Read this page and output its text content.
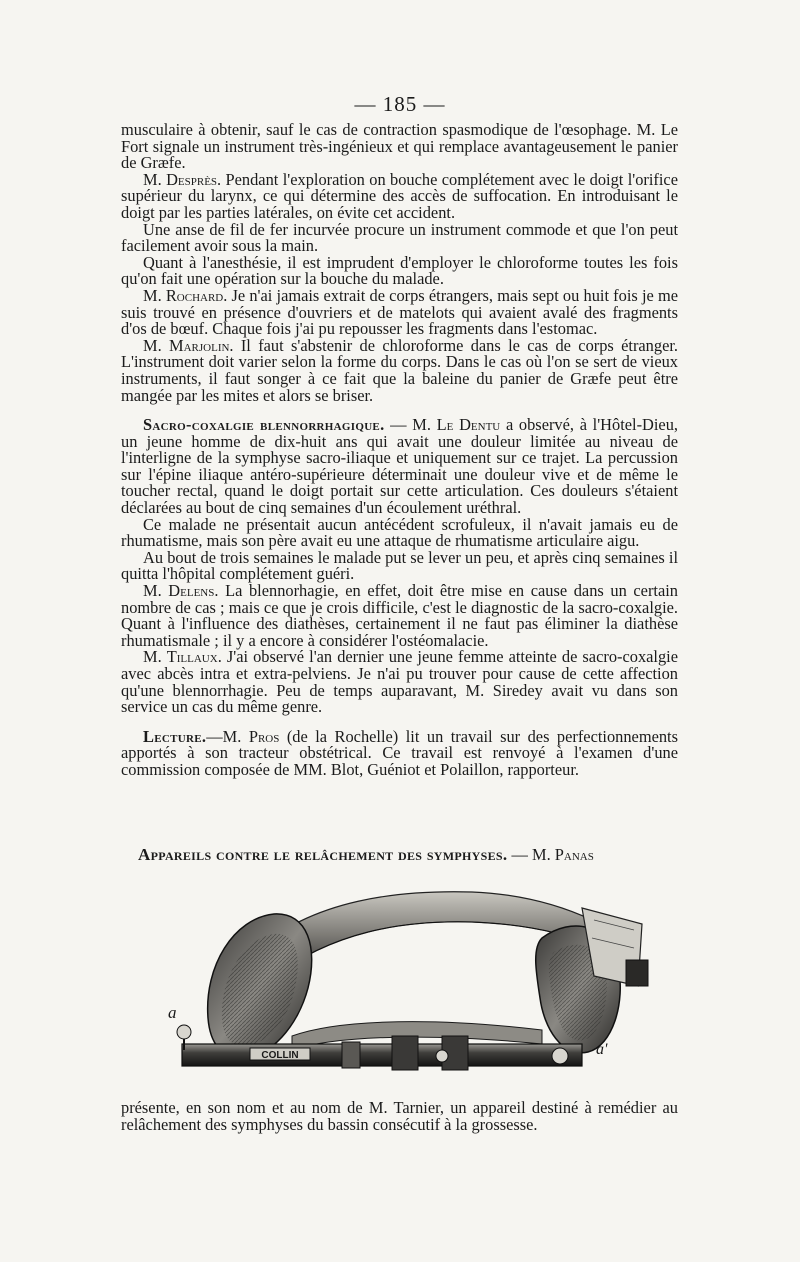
— 185 —

musculaire à obtenir, sauf le cas de contraction spasmodique de l'œsophage. M. Le Fort signale un instrument très-ingénieux et qui remplace avantageusement le panier de Græfe.

M. Desprès. Pendant l'exploration on bouche complétement avec le doigt l'orifice supérieur du larynx, ce qui détermine des accès de suffocation. En introduisant le doigt par les parties latérales, on évite cet accident.

Une anse de fil de fer incurvée procure un instrument commode et que l'on peut facilement avoir sous la main.

Quant à l'anesthésie, il est imprudent d'employer le chloroforme toutes les fois qu'on fait une opération sur la bouche du malade.

M. Rochard. Je n'ai jamais extrait de corps étrangers, mais sept ou huit fois je me suis trouvé en présence d'ouvriers et de matelots qui avaient avalé des fragments d'os de bœuf. Chaque fois j'ai pu repousser les fragments dans l'estomac.

M. Marjolin. Il faut s'abstenir de chloroforme dans le cas de corps étranger. L'instrument doit varier selon la forme du corps. Dans le cas où l'on se sert de vieux instruments, il faut songer à ce fait que la baleine du panier de Græfe peut être mangée par les mites et alors se briser.

Sacro-coxalgie blennorrhagique. — M. Le Dentu a observé, à l'Hôtel-Dieu, un jeune homme de dix-huit ans qui avait une douleur limitée au niveau de l'interligne de la symphyse sacro-iliaque et uniquement sur ce trajet. La percussion sur l'épine iliaque antéro-supérieure déterminait une douleur vive et de même le toucher rectal, quand le doigt portait sur cette articulation. Ces douleurs s'étaient déclarées au bout de cinq semaines d'un écoulement uréthral.

Ce malade ne présentait aucun antécédent scrofuleux, il n'avait jamais eu de rhumatisme, mais son père avait eu une attaque de rhumatisme articulaire aigu.

Au bout de trois semaines le malade put se lever un peu, et après cinq semaines il quitta l'hôpital complétement guéri.

M. Delens. La blennorhagie, en effet, doit être mise en cause dans un certain nombre de cas ; mais ce que je crois difficile, c'est le diagnostic de la sacro-coxalgie. Quant à l'influence des diathèses, certainement il ne faut pas éliminer la diathèse rhumatismale ; il y a encore à considérer l'ostéomalacie.

M. Tillaux. J'ai observé l'an dernier une jeune femme atteinte de sacro-coxalgie avec abcès intra et extra-pelviens. Je n'ai pu trouver pour cause de cette affection qu'une blennorrhagie. Peu de temps auparavant, M. Siredey avait vu dans son service un cas du même genre.

Lecture.—M. Pros (de la Rochelle) lit un travail sur des perfectionnements apportés à son tracteur obstétrical. Ce travail est renvoyé à l'examen d'une commission composée de MM. Blot, Guéniot et Polaillon, rapporteur.

Appareils contre le relâchement des symphyses. — M. Panas
COLLIN
a
a'

présente, en son nom et au nom de M. Tarnier, un appareil destiné à remédier au relâchement des symphyses du bassin consécutif à la grossesse.
